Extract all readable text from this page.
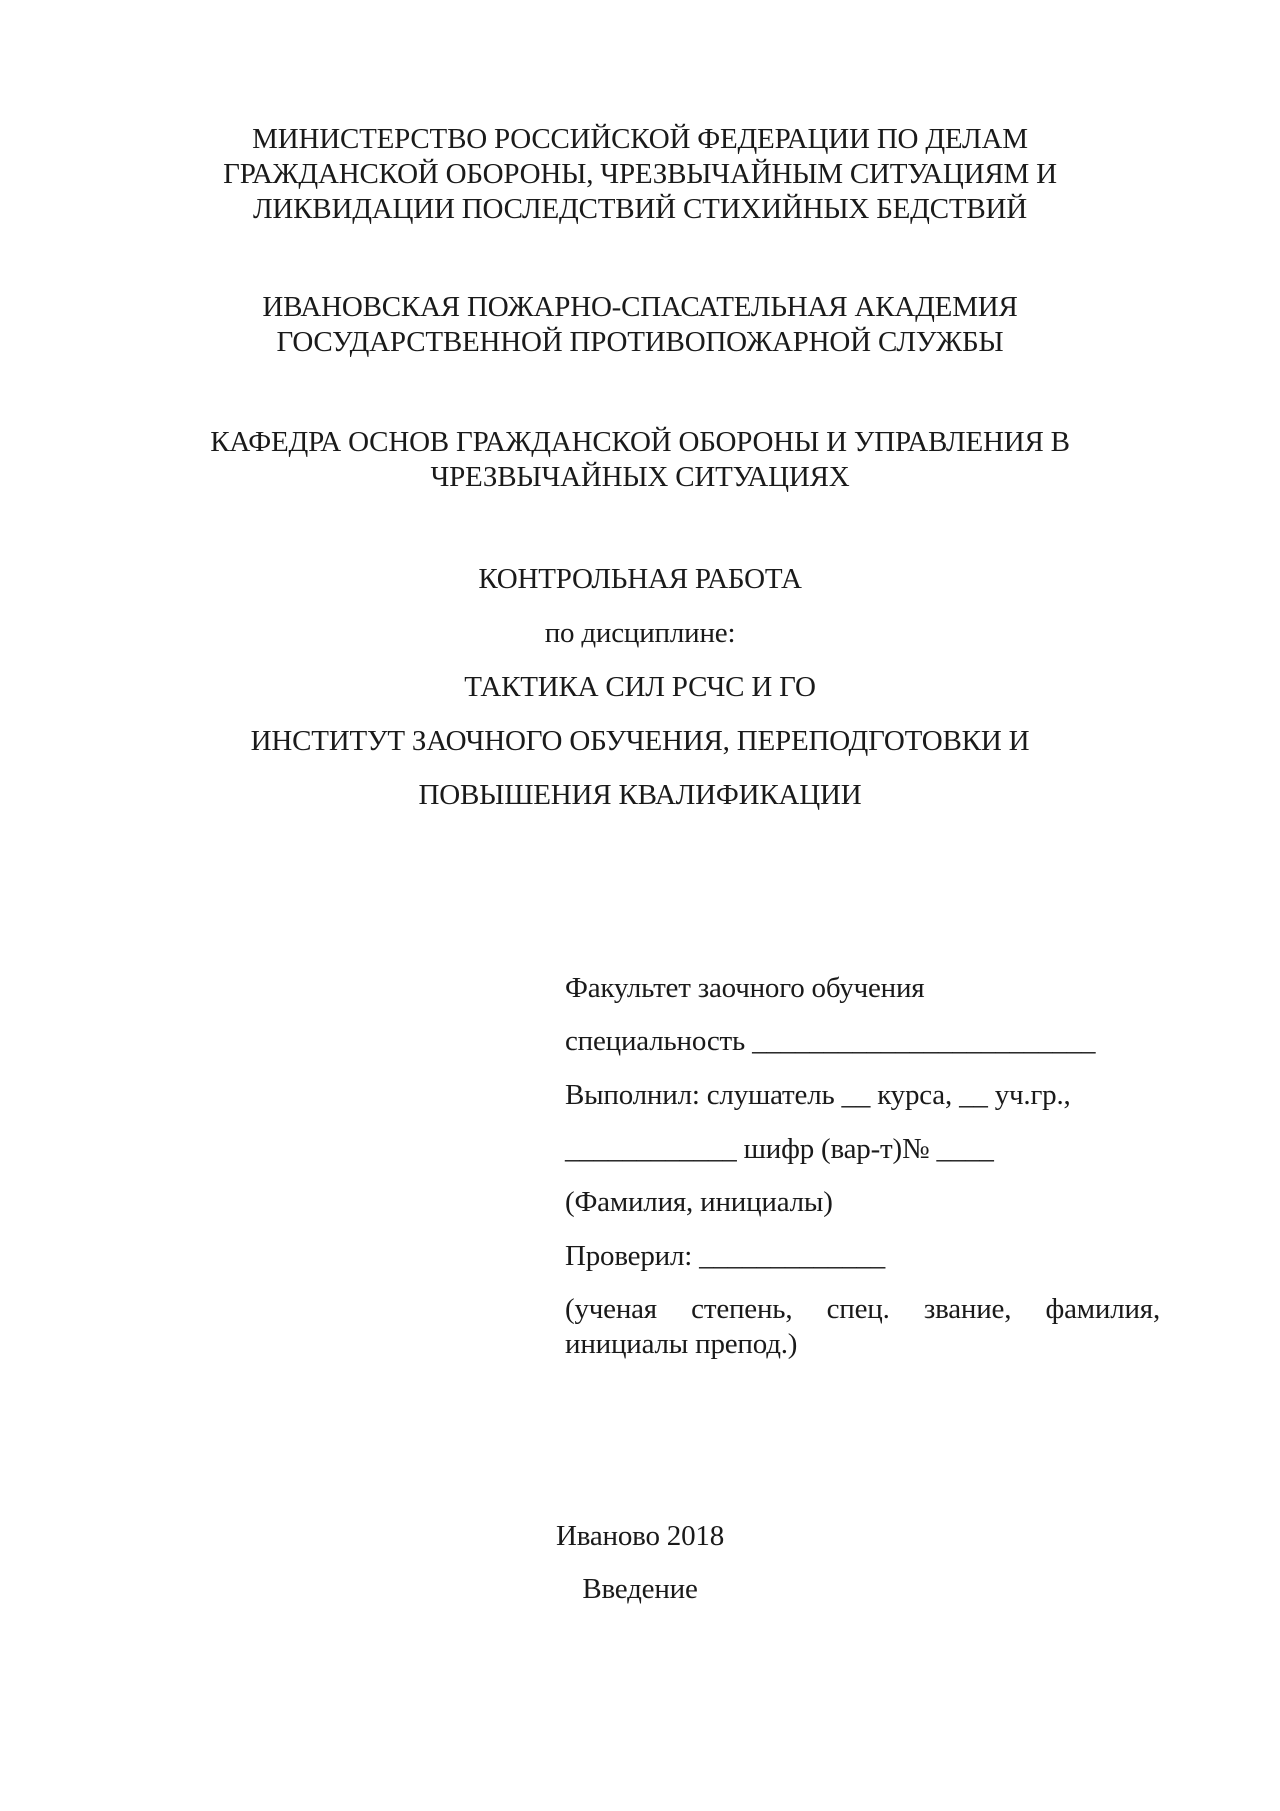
МИНИСТЕРСТВО РОССИЙСКОЙ ФЕДЕРАЦИИ ПО ДЕЛАМ
ГРАЖДАНСКОЙ ОБОРОНЫ, ЧРЕЗВЫЧАЙНЫМ СИТУАЦИЯМ И
ЛИКВИДАЦИИ ПОСЛЕДСТВИЙ СТИХИЙНЫХ БЕДСТВИЙ
ИВАНОВСКАЯ ПОЖАРНО-СПАСАТЕЛЬНАЯ АКАДЕМИЯ
ГОСУДАРСТВЕННОЙ ПРОТИВОПОЖАРНОЙ СЛУЖБЫ
КАФЕДРА ОСНОВ ГРАЖДАНСКОЙ ОБОРОНЫ И УПРАВЛЕНИЯ В
ЧРЕЗВЫЧАЙНЫХ СИТУАЦИЯХ
КОНТРОЛЬНАЯ РАБОТА
по дисциплине:
ТАКТИКА СИЛ РСЧС И ГО
ИНСТИТУТ ЗАОЧНОГО ОБУЧЕНИЯ, ПЕРЕПОДГОТОВКИ И
ПОВЫШЕНИЯ КВАЛИФИКАЦИИ
Факультет заочного обучения
специальность ________________________
Выполнил: слушатель __ курса, __ уч.гр.,
____________ шифр (вар-т)№ ____
(Фамилия, инициалы)
Проверил: _____________
(ученая степень, спец. звание, фамилия,
инициалы препод.)
Иваново 2018
Введение
